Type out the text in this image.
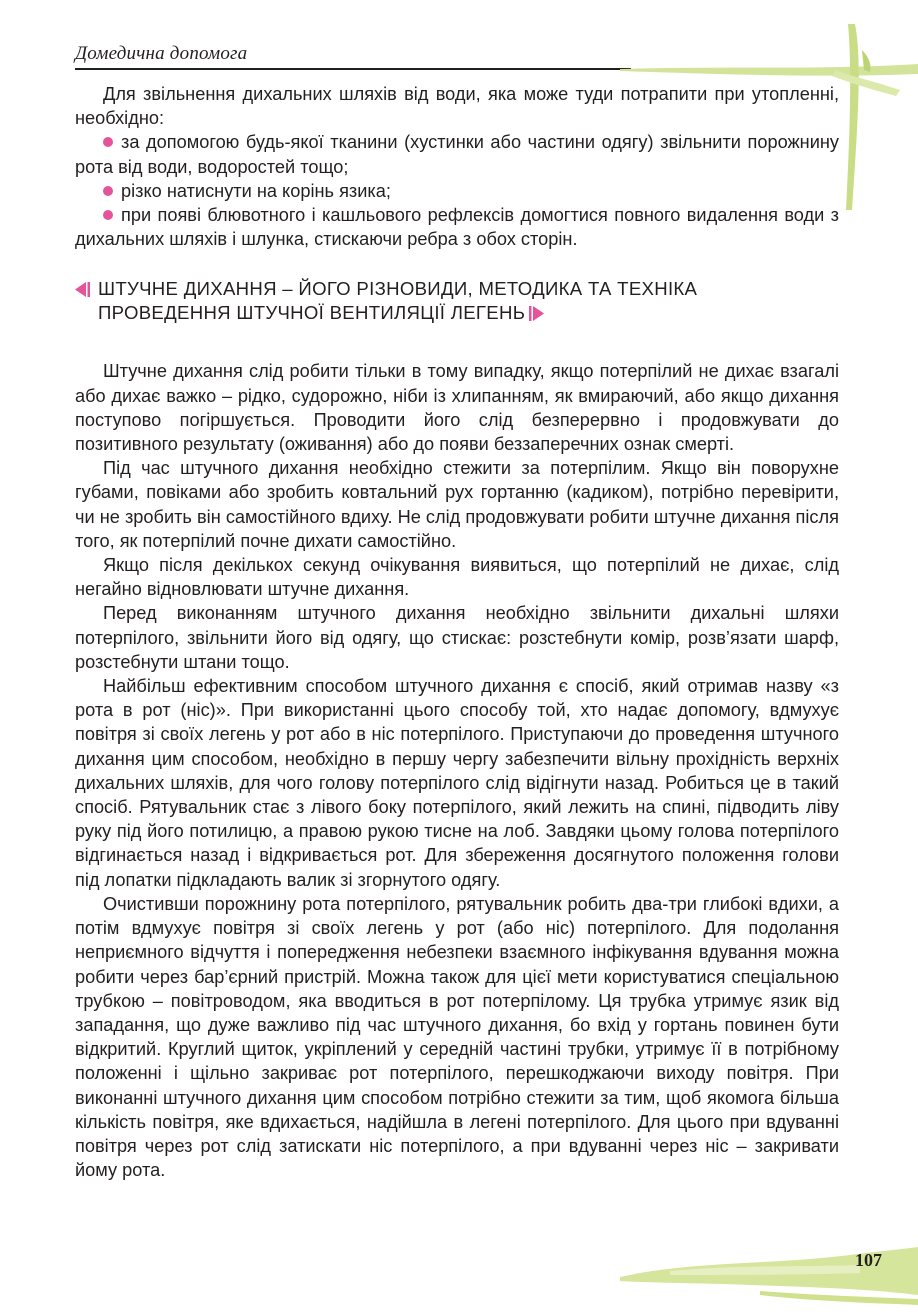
Домедична допомога

Для звільнення дихальних шляхів від води, яка може туди потрапити при утопленні, необхідно:

за допомогою будь-якої тканини (хустинки або частини одягу) звільнити порожнину рота від води, водоростей тощо;

різко натиснути на корінь язика;

при появі блювотного і кашльового рефлексів домогтися повного видалення води з дихальних шляхів і шлунка, стискаючи ребра з обох сторін.

ШТУЧНЕ ДИХАННЯ – ЙОГО РІЗНОВИДИ, МЕТОДИКА ТА ТЕХНІКА
ПРОВЕДЕННЯ ШТУЧНОЇ ВЕНТИЛЯЦІЇ ЛЕГЕНЬ

Штучне дихання слід робити тільки в тому випадку, якщо потерпілий не дихає взагалі або дихає важко – рідко, судорожно, ніби із хлипанням, як вмираючий, або якщо дихання поступово погіршується. Проводити його слід безперервно і продовжувати до позитивного результату (оживання) або до появи беззаперечних ознак смерті.

Під час штучного дихання необхідно стежити за потерпілим. Якщо він поворухне губами, повіками або зробить ковтальний рух гортанню (кадиком), потрібно перевірити, чи не зробить він самостійного вдиху. Не слід продовжувати робити штучне дихання після того, як потерпілий почне дихати самостійно.

Якщо після декількох секунд очікування виявиться, що потерпілий не дихає, слід негайно відновлювати штучне дихання.

Перед виконанням штучного дихання необхідно звільнити дихальні шляхи потерпілого, звільнити його від одягу, що стискає: розстебнути комір, розв’язати шарф, розстебнути штани тощо.

Найбільш ефективним способом штучного дихання є спосіб, який отримав назву «з рота в рот (ніс)». При використанні цього способу той, хто надає допомогу, вдмухує повітря зі своїх легень у рот або в ніс потерпілого. Приступаючи до проведення штучного дихання цим способом, необхідно в першу чергу забезпечити вільну прохідність верхніх дихальних шляхів, для чого голову потерпілого слід відігнути назад. Робиться це в такий спосіб. Рятувальник стає з лівого боку потерпілого, який лежить на спині, підводить ліву руку під його потилицю, а правою рукою тисне на лоб. Завдяки цьому голова потерпілого відгинається назад і відкривається рот. Для збереження досягнутого положення голови під лопатки підкладають валик зі згорнутого одягу.

Очистивши порожнину рота потерпілого, рятувальник робить два-три глибокі вдихи, а потім вдмухує повітря зі своїх легень у рот (або ніс) потерпілого. Для подолання неприємного відчуття і попередження небезпеки взаємного інфікування вдування можна робити через бар’єрний пристрій. Можна також для цієї мети користуватися спеціальною трубкою – повітроводом, яка вводиться в рот потерпілому. Ця трубка утримує язик від западання, що дуже важливо під час штучного дихання, бо вхід у гортань повинен бути відкритий. Круглий щиток, укріплений у середній частині трубки, утримує її в потрібному положенні і щільно закриває рот потерпілого, перешкоджаючи виходу повітря. При виконанні штучного дихання цим способом потрібно стежити за тим, щоб якомога більша кількість повітря, яке вдихається, надійшла в легені потерпілого. Для цього при вдуванні повітря через рот слід затискати ніс потерпілого, а при вдуванні через ніс – закривати йому рота.

107
